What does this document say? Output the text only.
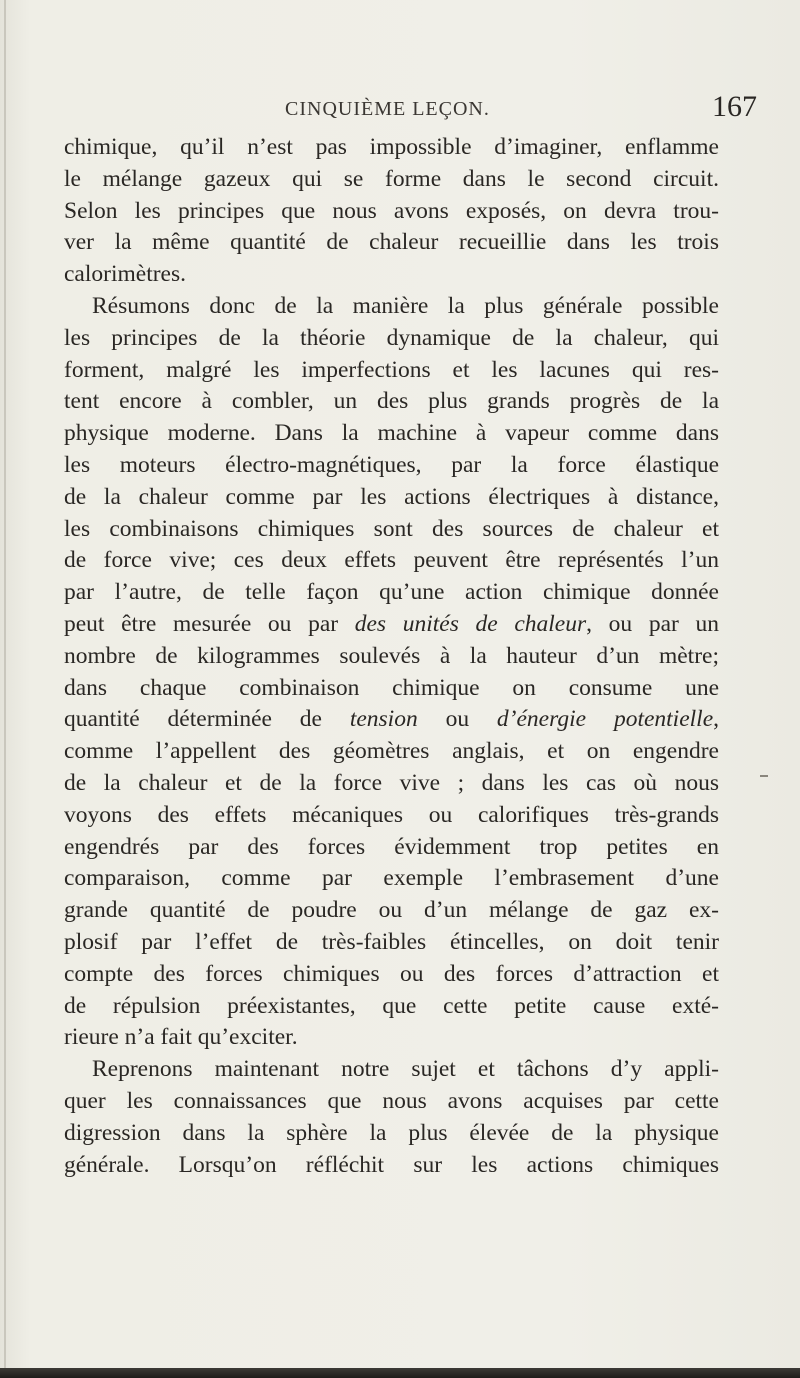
CINQUIÈME LEÇON.	167
chimique, qu’il n’est pas impossible d’imaginer, enflamme
le mélange gazeux qui se forme dans le second circuit.
Selon les principes que nous avons exposés, on devra trou-
ver la même quantité de chaleur recueillie dans les trois
calorimètres.
Résumons donc de la manière la plus générale possible
les principes de la théorie dynamique de la chaleur, qui
forment, malgré les imperfections et les lacunes qui res-
tent encore à combler, un des plus grands progrès de la
physique moderne. Dans la machine à vapeur comme dans
les moteurs électro-magnétiques, par la force élastique
de la chaleur comme par les actions électriques à distance,
les combinaisons chimiques sont des sources de chaleur et
de force vive; ces deux effets peuvent être représentés l’un
par l’autre, de telle façon qu’une action chimique donnée
peut être mesurée ou par des unités de chaleur, ou par un
nombre de kilogrammes soulevés à la hauteur d’un mètre;
dans chaque combinaison chimique on consume une
quantité déterminée de tension ou d’énergie potentielle,
comme l’appellent des géomètres anglais, et on engendre
de la chaleur et de la force vive ; dans les cas où nous
voyons des effets mécaniques ou calorifiques très-grands
engendrés par des forces évidemment trop petites en
comparaison, comme par exemple l’embrasement d’une
grande quantité de poudre ou d’un mélange de gaz ex-
plosif par l’effet de très-faibles étincelles, on doit tenir
compte des forces chimiques ou des forces d’attraction et
de répulsion préexistantes, que cette petite cause exté-
rieure n’a fait qu’exciter.
Reprenons maintenant notre sujet et tâchons d’y appli-
quer les connaissances que nous avons acquises par cette
digression dans la sphère la plus élevée de la physique
générale. Lorsqu’on réfléchit sur les actions chimiques
